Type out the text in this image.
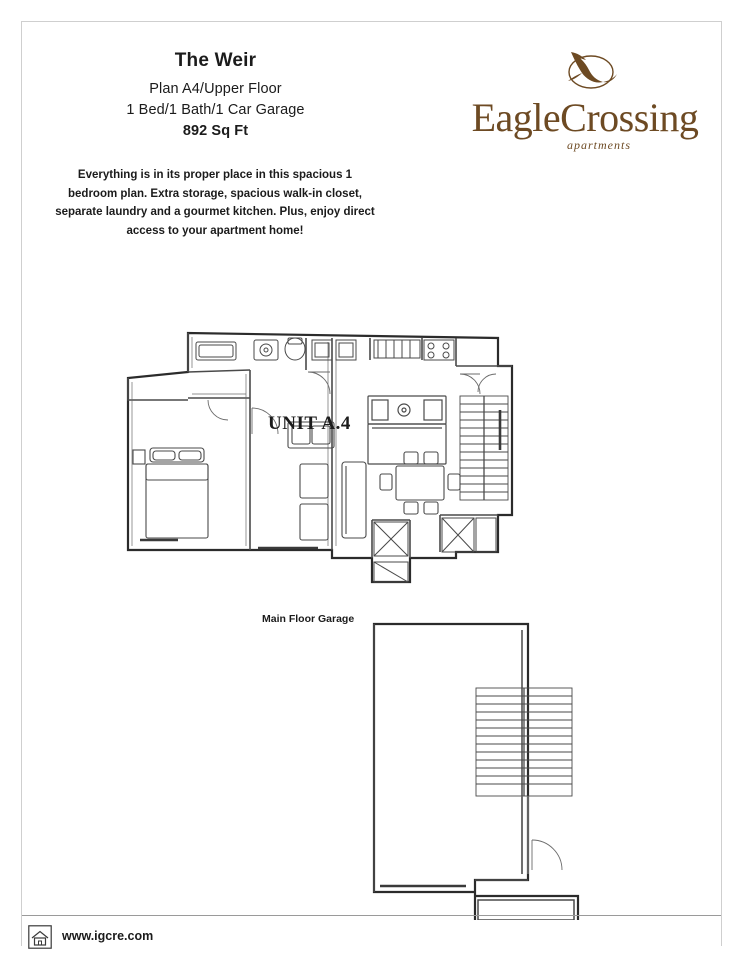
The Weir
Plan A4/Upper Floor
1 Bed/1 Bath/1 Car Garage
892 Sq Ft
Everything is in its proper place in this spacious 1 bedroom plan. Extra storage, spacious walk-in closet, separate laundry and a gourmet kitchen. Plus, enjoy direct access to your apartment home!
EagleCrossing
apartments
UNIT A.4
Main Floor Garage
www.igcre.com
